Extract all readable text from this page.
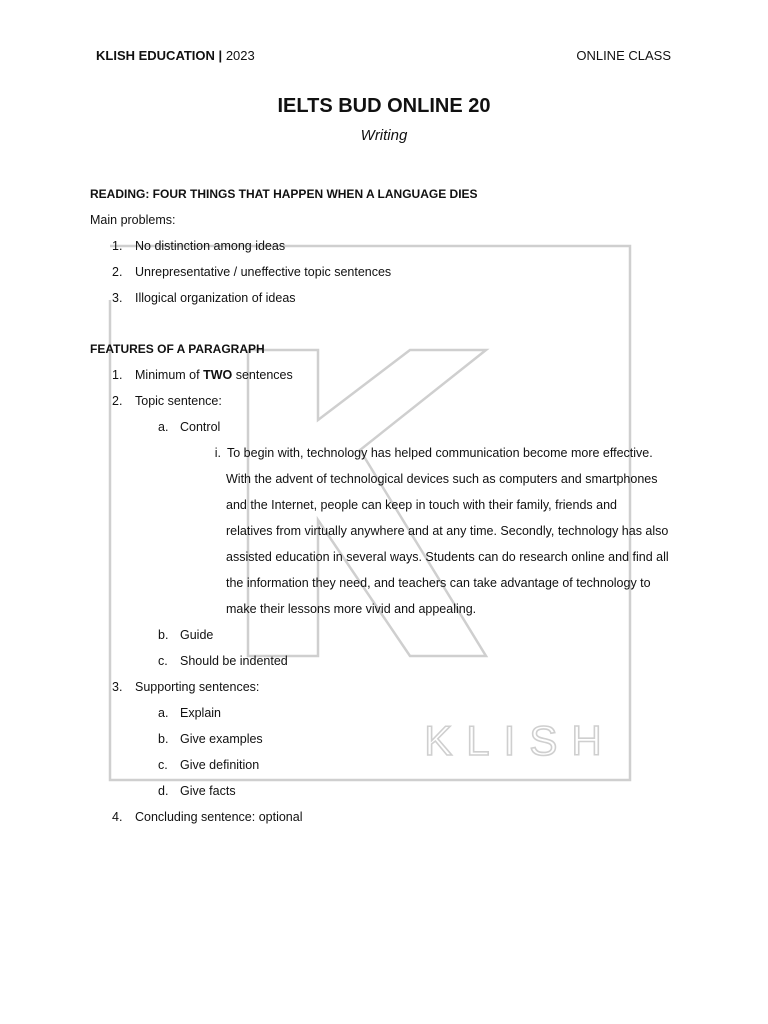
KLISH
KLISH EDUCATION | 2023	ONLINE CLASS
IELTS BUD ONLINE 20
Writing
READING: FOUR THINGS THAT HAPPEN WHEN A LANGUAGE DIES
Main problems:
1. No distinction among ideas
2. Unrepresentative / uneffective topic sentences
3. Illogical organization of ideas
FEATURES OF A PARAGRAPH
1. Minimum of TWO sentences
2. Topic sentence:
a. Control
i. To begin with, technology has helped communication become more effective.
With the advent of technological devices such as computers and smartphones
and the Internet, people can keep in touch with their family, friends and
relatives from virtually anywhere and at any time. Secondly, technology has also
assisted education in several ways. Students can do research online and find all
the information they need, and teachers can take advantage of technology to
make their lessons more vivid and appealing.
b. Guide
c. Should be indented
3. Supporting sentences:
a. Explain
b. Give examples
c. Give definition
d. Give facts
4. Concluding sentence: optional
